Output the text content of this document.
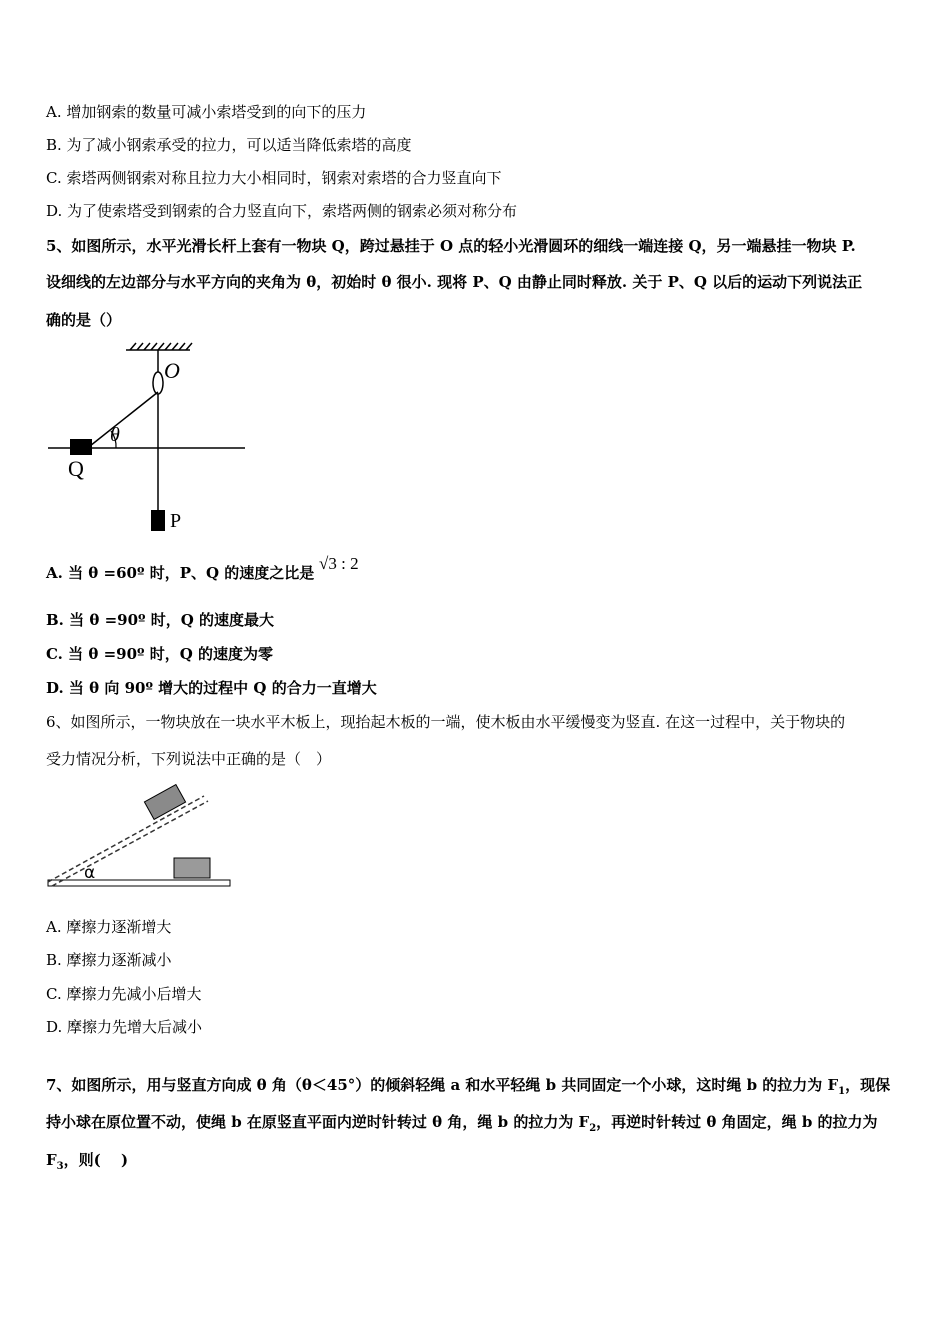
A. 增加钢索的数量可减小索塔受到的向下的压力
B. 为了减小钢索承受的拉力，可以适当降低索塔的高度
C. 索塔两侧钢索对称且拉力大小相同时，钢索对索塔的合力竖直向下
D. 为了使索塔受到钢索的合力竖直向下，索塔两侧的钢索必须对称分布
5、如图所示，水平光滑长杆上套有一物块 Q，跨过悬挂于 O 点的轻小光滑圆环的细线一端连接 Q，另一端悬挂一物块 P.
设细线的左边部分与水平方向的夹角为 θ，初始时 θ 很小. 现将 P、Q 由静止同时释放. 关于 P、Q 以后的运动下列说法正
确的是（）
O
θ
Q
P
A. 当 θ =60º 时，P、Q 的速度之比是 √3 : 2
B. 当 θ =90º 时，Q 的速度最大
C. 当 θ =90º 时，Q 的速度为零
D. 当 θ 向 90º 增大的过程中 Q 的合力一直增大
6、如图所示，一物块放在一块水平木板上，现抬起木板的一端，使木板由水平缓慢变为竖直. 在这一过程中，关于物块的
受力情况分析，下列说法中正确的是（　）
α
A. 摩擦力逐渐增大
B. 摩擦力逐渐减小
C. 摩擦力先减小后增大
D. 摩擦力先增大后减小
7、如图所示，用与竖直方向成 θ 角（θ＜45°）的倾斜轻绳 a 和水平轻绳 b 共同固定一个小球，这时绳 b 的拉力为 $F_1$，现保
持小球在原位置不动，使绳 b 在原竖直平面内逆时针转过 θ 角，绳 b 的拉力为 $F_2$，再逆时针转过 θ 角固定，绳 b 的拉力为
$F_3$，则(　 )
